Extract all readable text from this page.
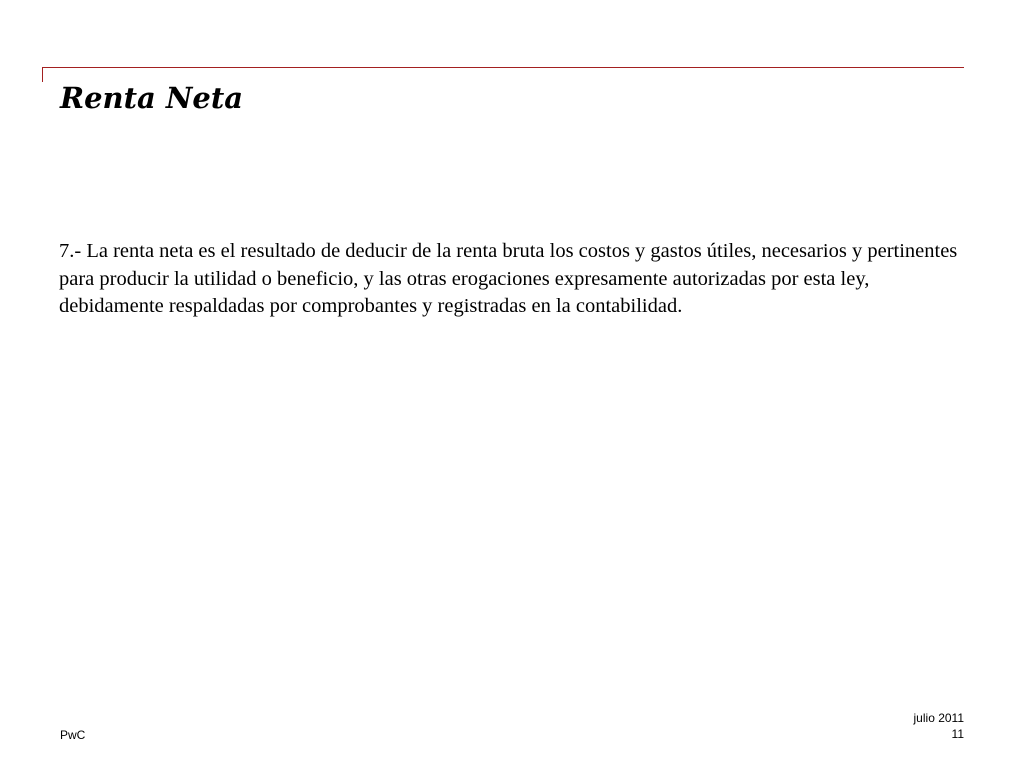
Renta Neta

7.- La renta neta es el resultado de deducir de la renta bruta los costos y gastos útiles, necesarios y pertinentes para producir la utilidad o beneficio, y las otras erogaciones expresamente autorizadas por esta ley, debidamente respaldadas por comprobantes y registradas en la contabilidad.

PwC
julio 2011
11
